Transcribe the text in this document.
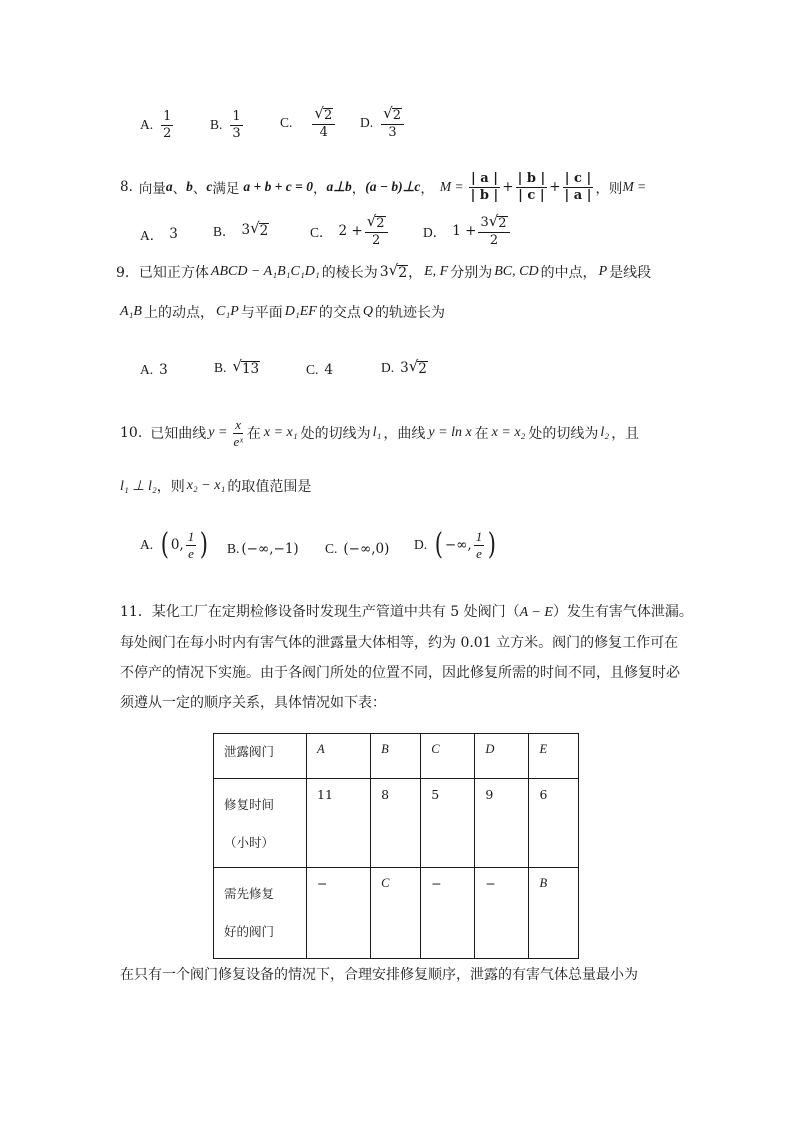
A. $\frac{1}{2}$	B. $\frac{1}{3}$	C. $\frac{√ 2}{4} D$. $\frac{√ 2}{3}$
8. 向量 a 、 b 、 c 满足 a + b + c = 0 ， a⊥b ， (a − b)⊥c ， $M = \frac{| a |}{| b |} + \frac{| b |}{| c |} + \frac{| c |}{| a |}$ ，则 M =
A． 3	B． 3 √ 2	C． $2 + \frac{√ 2}{2}$	D． $1 + \frac{3 √ 2}{2}$
9． 已知正方体 ABCD − A₁B₁C₁D₁ 的棱长为 3 √ 2 ， E, F 分别为 BC, CD 的中点， P 是线段
A₁B 上的动点， C₁P 与平面 D₁EF 的交点 Q 的轨迹长为
A. 3	B. √ 13	C. 4	D. 3 √ 2
10. 已知曲线 $y = \frac{x}{\text{eˣ}}$ 在 x = x₁ 处的切线为 l₁ ，曲线 y = ln x 在 x = x₂ 处的切线为 l₂ ，且
l₁ ⊥ l₂ ，则 x₂ − x₁ 的取值范围是
A. ( 0, $\frac{1}{e}$ ) B. (−∞,−1) C. (−∞,0) D. ( −∞, $\frac{1}{e}$ )
11．某化工厂在定期检修设备时发现生产管道中共有 5 处阀门（A − E）发生有害气体泄漏。
每处阀门在每小时内有害气体的泄露量大体相等，约为 0.01 立方米。阀门的修复工作可在
不停产的情况下实施。由于各阀门所处的位置不同，因此修复所需的时间不同，且修复时必
须遵从一定的顺序关系，具体情况如下表：
泄露阀门	A	B	C	D	E

修复时间
（小时）	11	8	5	9	6

需先修复
好的阀门	−	C	−	−	B
在只有一个阀门修复设备的情况下，合理安排修复顺序，泄露的有害气体总量最小为
